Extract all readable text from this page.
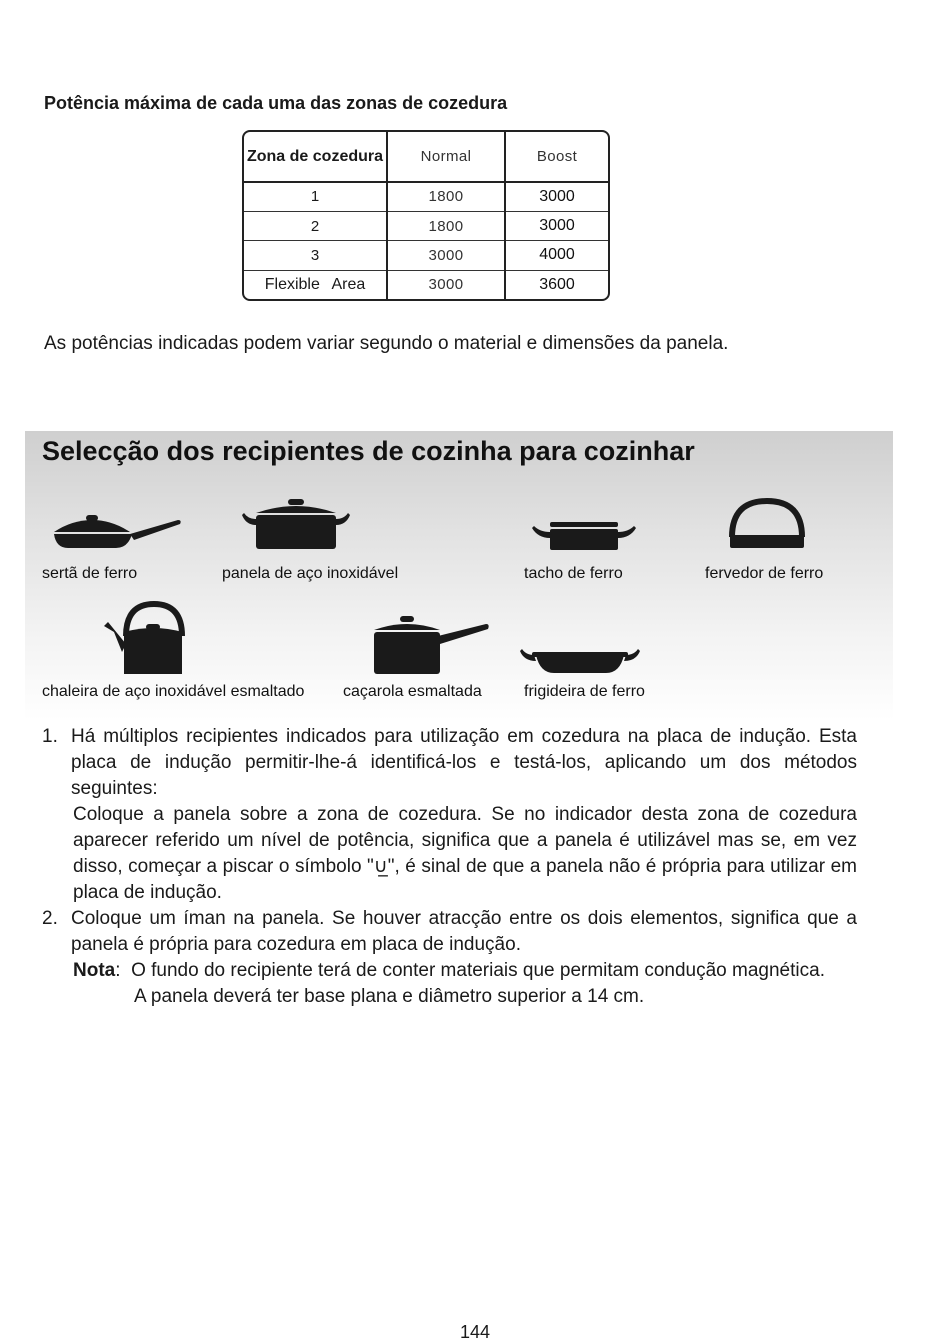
Potência máxima de cada uma das zonas de cozedura
Zona de cozedura	Normal	Boost
1	1800	3000
2	1800	3000
3	3000	4000
Flexible Area	3000	3600
As potências indicadas podem variar segundo o material e dimensões da panela.
Selecção dos recipientes de cozinha para cozinhar
sertã de ferro	panela de aço inoxidável	tacho de ferro	fervedor de ferro
chaleira de aço inoxidável esmaltado caçarola esmaltada	frigideira de ferro

1. Há múltiplos recipientes indicados para utilização em cozedura na placa de indução. Esta placa de indução permitir-lhe-á identificá-los e testá-los, aplicando um dos métodos seguintes:

Coloque a panela sobre a zona de cozedura. Se no indicador desta zona de cozedura aparecer referido um nível de potência, significa que a panela é utilizável mas se, em vez disso, começar a piscar o símbolo "∪̲", é sinal de que a panela não é própria para utilizar em placa de indução.

2. Coloque um íman na panela. Se houver atracção entre os dois elementos, significa que a panela é própria para cozedura em placa de indução.

Nota:  O fundo do recipiente terá de conter materiais que permitam condução magnética.

A panela deverá ter base plana e diâmetro superior a 14 cm.

144
